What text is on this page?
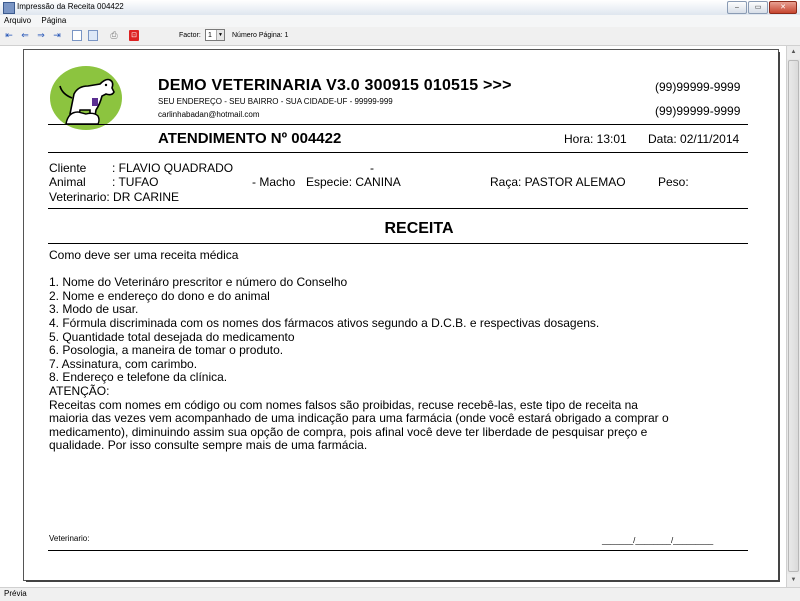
Impressão da Receita 004422	–	▭	✕
Arquivo Página
⇤ ⇐ ⇒ ⇥	⎙	⊡	Factor:	1	▼ Número Página: 1
▲
▼
DEMO VETERINARIA V3.0 300915 010515 >>>
SEU ENDEREÇO - SEU BAIRRO - SUA CIDADE-UF - 99999-999
carlinhabadan@hotmail.com
(99)99999-9999
(99)99999-9999
ATENDIMENTO Nº 004422	Hora: 13:01 Data: 02/11/2014
Cliente : FLAVIO QUADRADO	-
Animal : TUFAO	- Macho Especie: CANINA	Raça: PASTOR ALEMAO	Peso:
Veterinario: DR CARINE
RECEITA
Como deve ser uma receita médica
1. Nome do Veterináro prescritor e número do Conselho
2. Nome e endereço do dono e do animal
3. Modo de usar.
4. Fórmula discriminada com os nomes dos fármacos ativos segundo a D.C.B. e respectivas dosagens.
5. Quantidade total desejada do medicamento
6. Posologia, a maneira de tomar o produto.
7. Assinatura, com carimbo.
8. Endereço e telefone da clínica.
ATENÇÃO:
Receitas com nomes em código ou com nomes falsos são proibidas, recuse recebê-las, este tipo de receita na
maioria das vezes vem acompanhado de uma indicação para uma farmácia (onde você estará obrigado a comprar o
medicamento), diminuindo assim sua opção de compra, pois afinal você deve ter liberdade de pesquisar preço e
qualidade. Por isso consulte sempre mais de uma farmácia.
Veterinario:	_______/________/_________
Prévia
